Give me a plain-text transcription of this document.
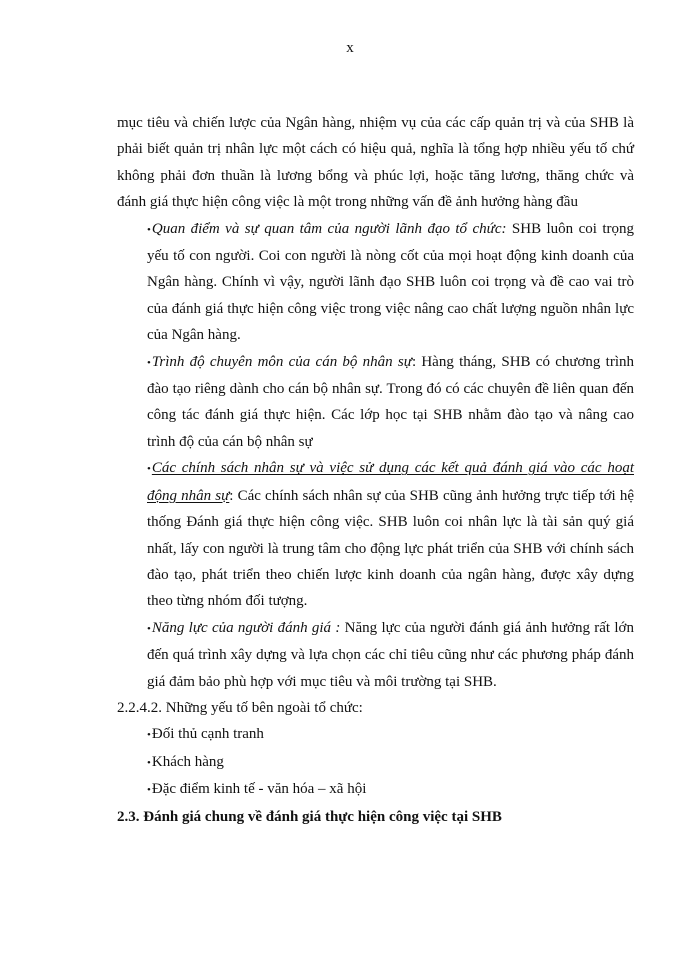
x

mục tiêu và chiến lược của Ngân hàng, nhiệm vụ của các cấp quản trị và của SHB là phải biết quản trị nhân lực một cách có hiệu quả, nghĩa là tổng hợp nhiều yếu tố chứ không phải đơn thuần là lương bổng và phúc lợi, hoặc tăng lương, thăng chức và đánh giá thực hiện công việc là một trong những vấn đề ảnh hưởng hàng đầu

• Quan điểm và sự quan tâm của người lãnh đạo tổ chức: SHB luôn coi trọng yếu tố con người. Coi con người là nòng cốt của mọi hoạt động kinh doanh của Ngân hàng. Chính vì vậy, người lãnh đạo SHB luôn coi trọng và đề cao vai trò của đánh giá thực hiện công việc trong việc nâng cao chất lượng nguồn nhân lực của Ngân hàng.

• Trình độ chuyên môn của cán bộ nhân sự: Hàng tháng, SHB có chương trình đào tạo riêng dành cho cán bộ nhân sự. Trong đó có các chuyên đề liên quan đến công tác đánh giá thực hiện. Các lớp học tại SHB nhằm đào tạo và nâng cao trình độ của cán bộ nhân sự

• Các chính sách nhân sự và việc sử dụng các kết quả đánh giá vào các hoạt động nhân sự: Các chính sách nhân sự của SHB cũng ảnh hưởng trực tiếp tới hệ thống Đánh giá thực hiện công việc. SHB luôn coi nhân lực là tài sản quý giá nhất, lấy con người là trung tâm cho động lực phát triển của SHB với chính sách đào tạo, phát triển theo chiến lược kinh doanh của ngân hàng, được xây dựng theo từng nhóm đối tượng.

• Năng lực của người đánh giá : Năng lực của người đánh giá ảnh hưởng rất lớn đến quá trình xây dựng và lựa chọn các chỉ tiêu cũng như các phương pháp đánh giá đảm bảo phù hợp với mục tiêu và môi trường tại SHB.

2.2.4.2. Những yếu tố bên ngoài tổ chức:

• Đối thủ cạnh tranh

• Khách hàng

• Đặc điểm kinh tế - văn hóa – xã hội

2.3. Đánh giá chung về đánh giá thực hiện công việc tại SHB
